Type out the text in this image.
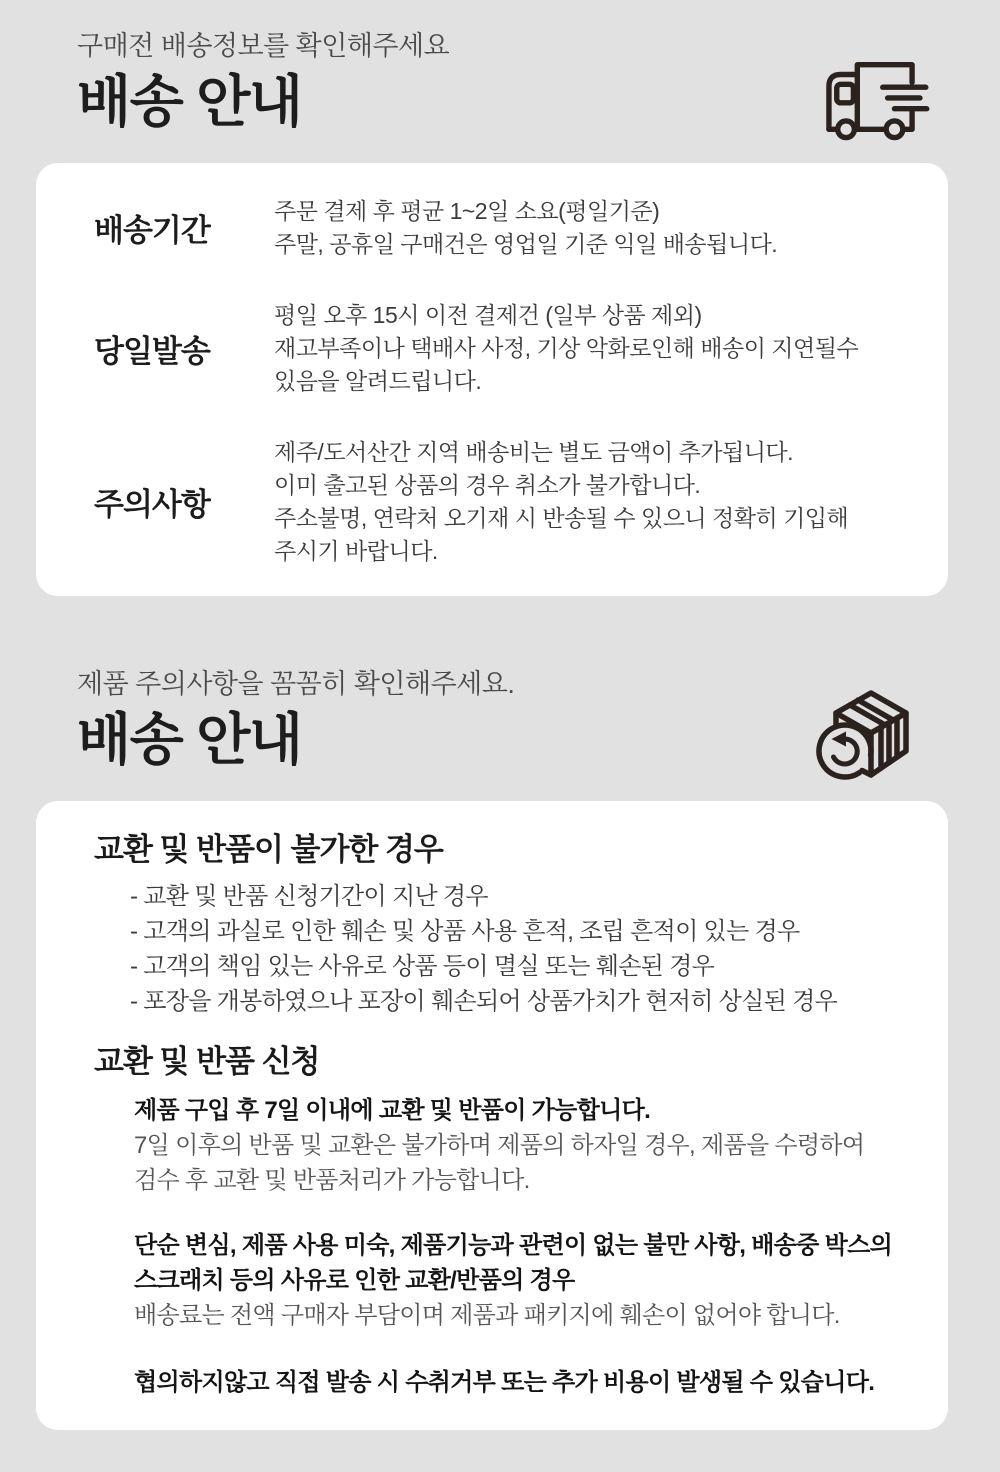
구매전 배송정보를 확인해주세요
배송 안내
배송기간
주문 결제 후 평균 1~2일 소요(평일기준)
주말, 공휴일 구매건은 영업일 기준 익일 배송됩니다.
당일발송
평일 오후 15시 이전 결제건 (일부 상품 제외)
재고부족이나 택배사 사정, 기상 악화로인해 배송이 지연될수
있음을 알려드립니다.
주의사항
제주/도서산간 지역 배송비는 별도 금액이 추가됩니다.
이미 출고된 상품의 경우 취소가 불가합니다.
주소불명, 연락처 오기재 시 반송될 수 있으니 정확히 기입해
주시기 바랍니다.
제품 주의사항을 꼼꼼히 확인해주세요.
배송 안내
교환 및 반품이 불가한 경우
- 교환 및 반품 신청기간이 지난 경우
- 고객의 과실로 인한 훼손 및 상품 사용 흔적, 조립 흔적이 있는 경우
- 고객의 책임 있는 사유로 상품 등이 멸실 또는 훼손된 경우
- 포장을 개봉하였으나 포장이 훼손되어 상품가치가 현저히 상실된 경우
교환 및 반품 신청
제품 구입 후 7일 이내에 교환 및 반품이 가능합니다.
7일 이후의 반품 및 교환은 불가하며 제품의 하자일 경우, 제품을 수령하여
검수 후 교환 및 반품처리가 가능합니다.
단순 변심, 제품 사용 미숙, 제품기능과 관련이 없는 불만 사항, 배송중 박스의
스크래치 등의 사유로 인한 교환/반품의 경우
배송료는 전액 구매자 부담이며 제품과 패키지에 훼손이 없어야 합니다.
협의하지않고 직접 발송 시 수취거부 또는 추가 비용이 발생될 수 있습니다.
